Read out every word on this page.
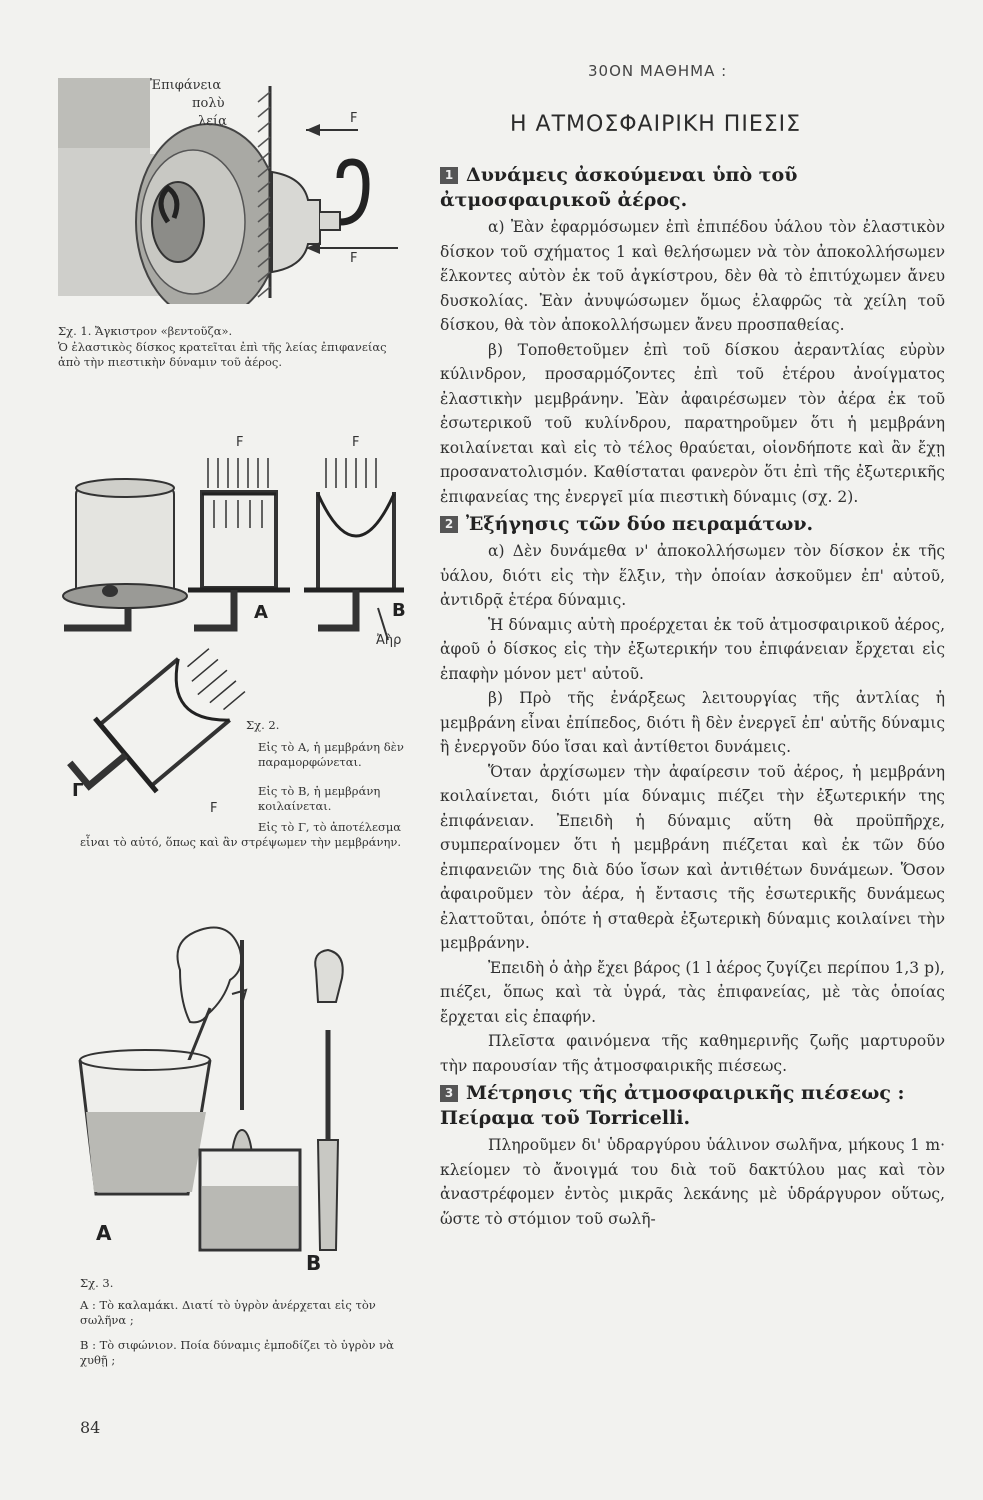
30ΟΝ ΜΑΘΗΜΑ :
Η ΑΤΜΟΣΦΑΙΡΙΚΗ ΠΙΕΣΙΣ
F
F
Ἐπιφάνεια
πολὺ
λεία
Σχ. 1. Ἄγκιστρον «βεντοῦζα».
Ὁ ἐλαστικὸς δίσκος κρατεῖται ἐπὶ τῆς λείας ἐπιφανείας ἀπὸ τὴν πιεστικὴν δύναμιν τοῦ ἀέρος.
Α
F
Β
F
Ἀὴρ
Γ
F
Σχ. 2.
Εἰς τὸ Α, ἡ μεμβράνη δὲν παραμορφώνεται.
Εἰς τὸ Β, ἡ μεμβράνη κοιλαίνεται.
Εἰς τὸ Γ, τὸ ἀποτέλεσμα εἶναι τὸ αὐτό, ὅπως καὶ ἂν στρέψωμεν τὴν μεμβράνην.
Α
Β
Σχ. 3.
Α : Τὸ καλαμάκι. Διατί τὸ ὑγρὸν ἀνέρχεται εἰς τὸν σωλῆνα ;
Β : Τὸ σιφώνιον. Ποία δύναμις ἐμποδίζει τὸ ὑγρὸν νὰ χυθῇ ;
1 Δυνάμεις ἀσκούμεναι ὑπὸ τοῦ ἀτμοσφαιρικοῦ ἀέρος.

α) Ἐὰν ἐφαρμόσωμεν ἐπὶ ἐπιπέδου ὑάλου τὸν ἐλαστικὸν δίσκον τοῦ σχήματος 1 καὶ θελήσωμεν νὰ τὸν ἀποκολλήσωμεν ἕλκοντες αὐτὸν ἐκ τοῦ ἀγκίστρου, δὲν θὰ τὸ ἐπιτύχωμεν ἄνευ δυσκολίας. Ἐὰν ἀνυψώσωμεν ὅμως ἐλαφρῶς τὰ χείλη τοῦ δίσκου, θὰ τὸν ἀποκολλήσωμεν ἄνευ προσπαθείας.

β) Τοποθετοῦμεν ἐπὶ τοῦ δίσκου ἀεραντλίας εὐρὺν κύλινδρον, προσαρμόζοντες ἐπὶ τοῦ ἑτέρου ἀνοίγματος ἐλαστικὴν μεμβράνην. Ἐὰν ἀφαιρέσωμεν τὸν ἀέρα ἐκ τοῦ ἐσωτερικοῦ τοῦ κυλίνδρου, παρατηροῦμεν ὅτι ἡ μεμβράνη κοιλαίνεται καὶ εἰς τὸ τέλος θραύεται, οἱονδήποτε καὶ ἂν ἔχῃ προσανατολισμόν. Καθίσταται φανερὸν ὅτι ἐπὶ τῆς ἐξωτερικῆς ἐπιφανείας της ἐνεργεῖ μία πιεστικὴ δύναμις (σχ. 2).

2 Ἐξήγησις τῶν δύο πειραμάτων.

α) Δὲν δυνάμεθα ν' ἀποκολλήσωμεν τὸν δίσκον ἐκ τῆς ὑάλου, διότι εἰς τὴν ἕλξιν, τὴν ὁποίαν ἀσκοῦμεν ἐπ' αὐτοῦ, ἀντιδρᾷ ἑτέρα δύναμις.

Ἡ δύναμις αὐτὴ προέρχεται ἐκ τοῦ ἀτμοσφαιρικοῦ ἀέρος, ἀφοῦ ὁ δίσκος εἰς τὴν ἐξωτερικήν του ἐπιφάνειαν ἔρχεται εἰς ἐπαφὴν μόνον μετ' αὐτοῦ.

β) Πρὸ τῆς ἐνάρξεως λειτουργίας τῆς ἀντλίας ἡ μεμβράνη εἶναι ἐπίπεδος, διότι ἢ δὲν ἐνεργεῖ ἐπ' αὐτῆς δύναμις ἢ ἐνεργοῦν δύο ἴσαι καὶ ἀντίθετοι δυνάμεις.

Ὅταν ἀρχίσωμεν τὴν ἀφαίρεσιν τοῦ ἀέρος, ἡ μεμβράνη κοιλαίνεται, διότι μία δύναμις πιέζει τὴν ἐξωτερικήν της ἐπιφάνειαν. Ἐπειδὴ ἡ δύναμις αὕτη θὰ προϋπῆρχε, συμπεραίνομεν ὅτι ἡ μεμβράνη πιέζεται καὶ ἐκ τῶν δύο ἐπιφανειῶν της διὰ δύο ἴσων καὶ ἀντιθέτων δυνάμεων. Ὅσον ἀφαιροῦμεν τὸν ἀέρα, ἡ ἔντασις τῆς ἐσωτερικῆς δυνάμεως ἐλαττοῦται, ὁπότε ἡ σταθερὰ ἐξωτερικὴ δύναμις κοιλαίνει τὴν μεμβράνην.

Ἐπειδὴ ὁ ἀὴρ ἔχει βάρος (1 l ἀέρος ζυγίζει περίπου 1,3 p), πιέζει, ὅπως καὶ τὰ ὑγρά, τὰς ἐπιφανείας, μὲ τὰς ὁποίας ἔρχεται εἰς ἐπαφήν.

Πλεῖστα φαινόμενα τῆς καθημερινῆς ζωῆς μαρτυροῦν τὴν παρουσίαν τῆς ἀτμοσφαιρικῆς πιέσεως.

3 Μέτρησις τῆς ἀτμοσφαιρικῆς πιέσεως : Πείραμα τοῦ Torricelli.

Πληροῦμεν δι' ὑδραργύρου ὑάλινον σωλῆνα, μήκους 1 m· κλείομεν τὸ ἄνοιγμά του διὰ τοῦ δακτύλου μας καὶ τὸν ἀναστρέφομεν ἐντὸς μικρᾶς λεκάνης μὲ ὑδράργυρον οὕτως, ὥστε τὸ στόμιον τοῦ σωλῆ-

84
